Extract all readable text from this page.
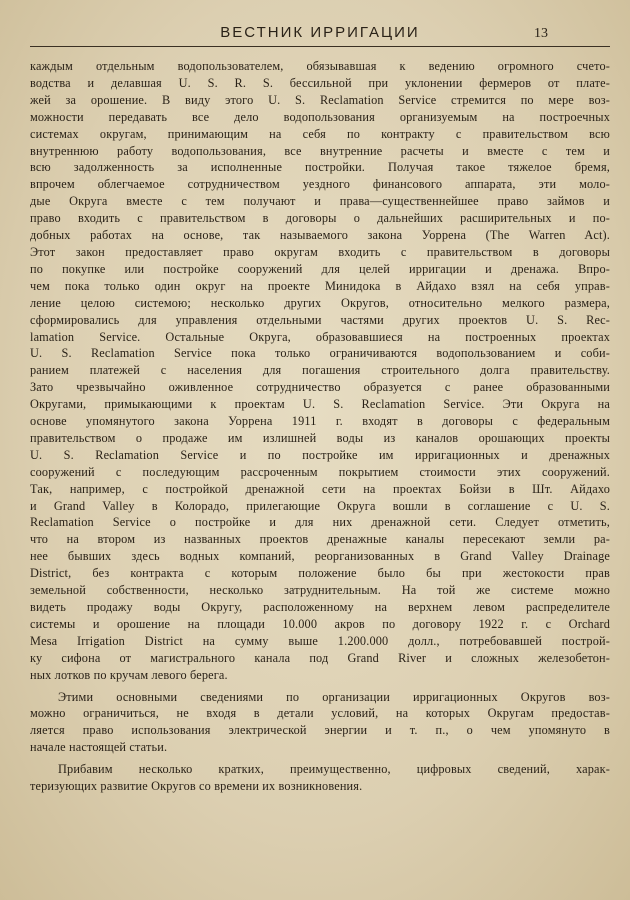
ВЕСТНИК ИРРИГАЦИИ	13
каждым отдельным водопользователем, обязывавшая к ведению огромного счето-
водства и делавшая U. S. R. S. бессильной при уклонении фермеров от плате-
жей за орошение. В виду этого U. S. Reclamation Service стремится по мере воз-
можности передавать все дело водопользования организуемым на построечных
системах округам, принимающим на себя по контракту с правительством всю
внутреннюю работу водопользования, все внутренние расчеты и вместе с тем и
всю задолженность за исполненные постройки. Получая такое тяжелое бремя,
впрочем облегчаемое сотрудничеством уездного финансового аппарата, эти моло-
дые Округа вместе с тем получают и права—существеннейшее право займов и
право входить с правительством в договоры о дальнейших расширительных и по-
добных работах на основе, так называемого закона Уоррена (The Warren Act).
Этот закон предоставляет право округам входить с правительством в договоры
по покупке или постройке сооружений для целей ирригации и дренажа. Впро-
чем пока только один округ на проекте Минидока в Айдахо взял на себя управ-
ление целою системою; несколько других Округов, относительно мелкого размера,
сформировались для управления отдельными частями других проектов U. S. Rec-
lamation Service. Остальные Округа, образовавшиеся на построенных проектах
U. S. Reclamation Service пока только ограничиваются водопользованием и соби-
ранием платежей с населения для погашения строительного долга правительству.
Зато чрезвычайно оживленное сотрудничество образуется с ранее образованными
Округами, примыкающими к проектам U. S. Reclamation Service. Эти Округа на
основе упомянутого закона Уоррена 1911 г. входят в договоры с федеральным
правительством о продаже им излишней воды из каналов орошающих проекты
U. S. Reclamation Service и по постройке им ирригационных и дренажных
сооружений с последующим рассроченным покрытием стоимости этих сооружений.
Так, например, с постройкой дренажной сети на проектах Бойзи в Шт. Айдахо
и Grand Valley в Колорадо, прилегающие Округа вошли в соглашение с U. S.
Reclamation Service о постройке и для них дренажной сети. Следует отметить,
что на втором из названных проектов дренажные каналы пересекают земли ра-
нее бывших здесь водных компаний, реорганизованных в Grand Valley Drainage
District, без контракта с которым положение было бы при жестокости прав
земельной собственности, несколько затруднительным. На той же системе можно
видеть продажу воды Округу, расположенному на верхнем левом распределителе
системы и орошение на площади 10.000 акров по договору 1922 г. с Orchard
Mesa Irrigation District на сумму выше 1.200.000 долл., потребовавшей построй-
ку сифона от магистрального канала под Grand River и сложных железобетон-
ных лотков по кручам левого берега.
Этими основными сведениями по организации ирригационных Округов воз-
можно ограничиться, не входя в детали условий, на которых Округам предостав-
ляется право использования электрической энергии и т. п., о чем упомянуто в
начале настоящей статьи.
Прибавим несколько кратких, преимущественно, цифровых сведений, харак-
теризующих развитие Округов со времени их возникновения.
